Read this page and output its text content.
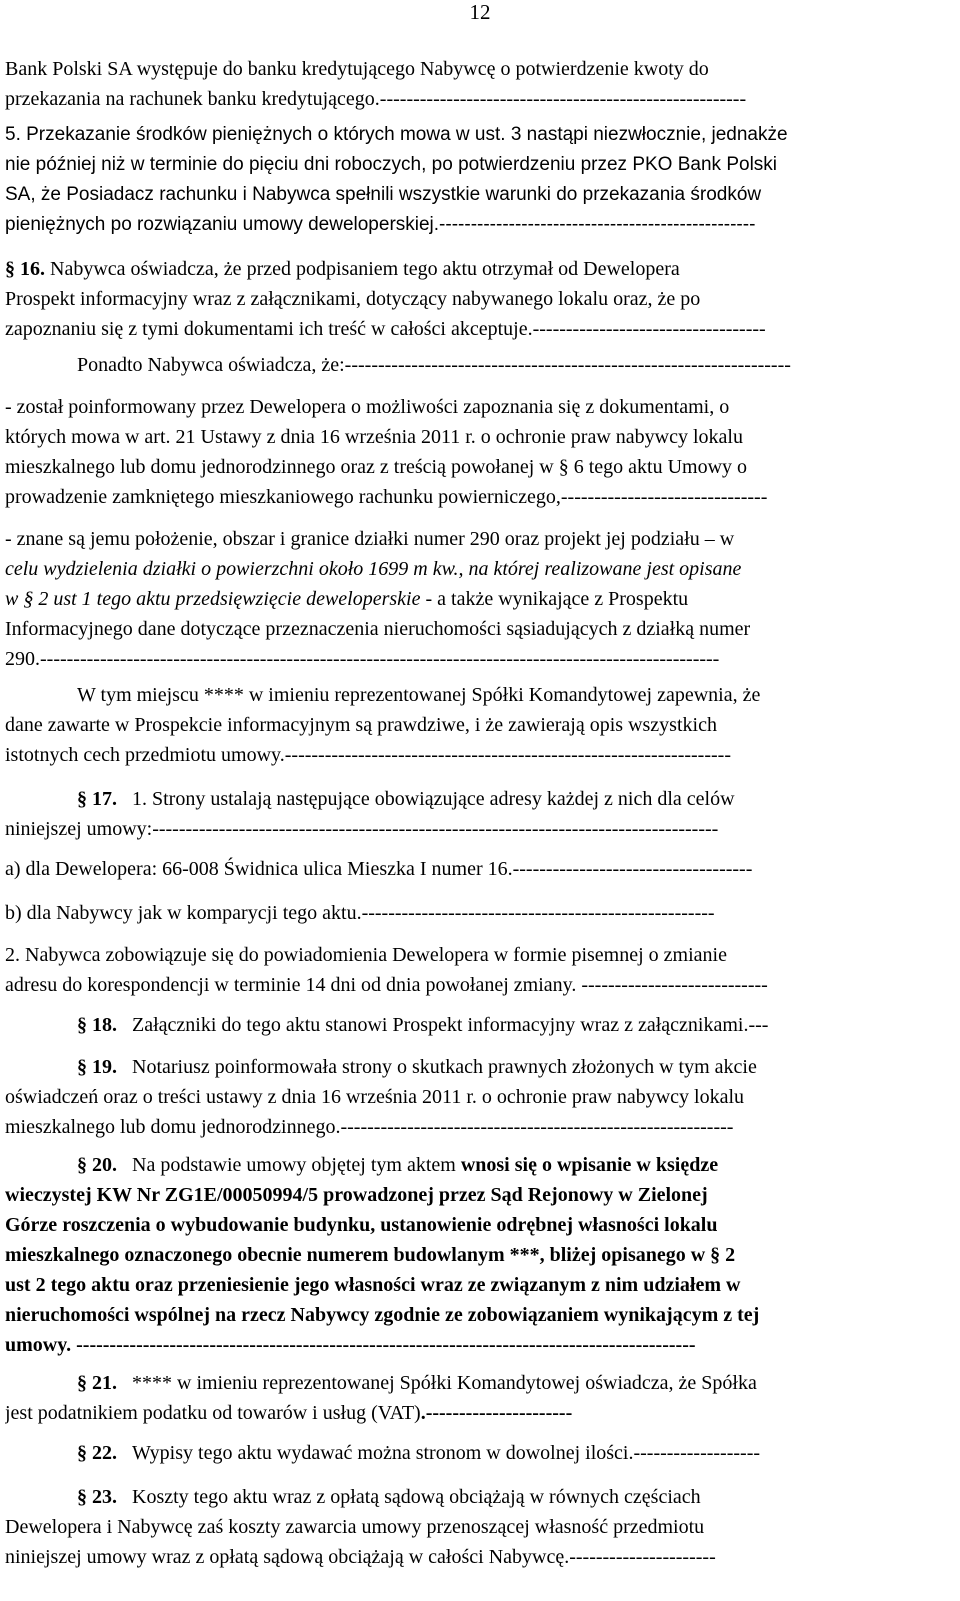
12
Bank Polski SA występuje do banku kredytującego Nabywcę o potwierdzenie kwoty do
przekazania na rachunek banku kredytującego.-------------------------------------------------------
5. Przekazanie środków pieniężnych o których mowa w ust. 3 nastąpi niezwłocznie, jednakże
nie później niż w terminie do pięciu dni roboczych, po potwierdzeniu przez PKO Bank Polski
SA, że Posiadacz rachunku i Nabywca spełnili wszystkie warunki do przekazania środków
pieniężnych po rozwiązaniu umowy deweloperskiej.--------------------------------------------------
§ 16. Nabywca oświadcza, że przed podpisaniem tego aktu otrzymał od Dewelopera
Prospekt informacyjny wraz z załącznikami, dotyczący nabywanego lokalu oraz, że po
zapoznaniu się z tymi dokumentami ich treść w całości akceptuje.-----------------------------------
Ponadto Nabywca oświadcza, że:-------------------------------------------------------------------
- został poinformowany przez Dewelopera o możliwości zapoznania się z dokumentami, o
których mowa w art. 21 Ustawy z dnia 16 września 2011 r. o ochronie praw nabywcy lokalu
mieszkalnego lub domu jednorodzinnego oraz z treścią powołanej w § 6 tego aktu Umowy o
prowadzenie zamkniętego mieszkaniowego rachunku powierniczego,-------------------------------
- znane są jemu położenie, obszar i granice działki numer 290 oraz projekt jej podziału – w
celu wydzielenia działki o powierzchni około 1699 m kw., na której realizowane jest opisane
w § 2 ust 1 tego aktu przedsięwzięcie deweloperskie - a także wynikające z Prospektu
Informacyjnego dane dotyczące przeznaczenia nieruchomości sąsiadujących z działką numer
290.------------------------------------------------------------------------------------------------------
W tym miejscu **** w imieniu reprezentowanej Spółki Komandytowej zapewnia, że
dane zawarte w Prospekcie informacyjnym są prawdziwe, i że zawierają opis wszystkich
istotnych cech przedmiotu umowy.-------------------------------------------------------------------
§ 17. 1. Strony ustalają następujące obowiązujące adresy każdej z nich dla celów
niniejszej umowy:-------------------------------------------------------------------------------------
a) dla Dewelopera: 66-008 Świdnica ulica Mieszka I numer 16.------------------------------------
b) dla Nabywcy jak w komparycji tego aktu.-----------------------------------------------------
2. Nabywca zobowiązuje się do powiadomienia Dewelopera w formie pisemnej o zmianie
adresu do korespondencji w terminie 14 dni od dnia powołanej zmiany. ----------------------------
§ 18. Załączniki do tego aktu stanowi Prospekt informacyjny wraz z załącznikami.---
§ 19. Notariusz poinformowała strony o skutkach prawnych złożonych w tym akcie
oświadczeń oraz o treści ustawy z dnia 16 września 2011 r. o ochronie praw nabywcy lokalu
mieszkalnego lub domu jednorodzinnego.-----------------------------------------------------------
§ 20. Na podstawie umowy objętej tym aktem wnosi się o wpisanie w księdze
wieczystej KW Nr ZG1E/00050994/5 prowadzonej przez Sąd Rejonowy w Zielonej
Górze roszczenia o wybudowanie budynku, ustanowienie odrębnej własności lokalu
mieszkalnego oznaczonego obecnie numerem budowlanym ***, bliżej opisanego w § 2
ust 2 tego aktu oraz przeniesienie jego własności wraz ze związanym z nim udziałem w
nieruchomości wspólnej na rzecz Nabywcy zgodnie ze zobowiązaniem wynikającym z tej
umowy. ---------------------------------------------------------------------------------------------
§ 21. **** w imieniu reprezentowanej Spółki Komandytowej oświadcza, że Spółka
jest podatnikiem podatku od towarów i usług (VAT).----------------------
§ 22. Wypisy tego aktu wydawać można stronom w dowolnej ilości.-------------------
§ 23. Koszty tego aktu wraz z opłatą sądową obciążają w równych częściach
Dewelopera i Nabywcę zaś koszty zawarcia umowy przenoszącej własność przedmiotu
niniejszej umowy wraz z opłatą sądową obciążają w całości Nabywcę.----------------------
